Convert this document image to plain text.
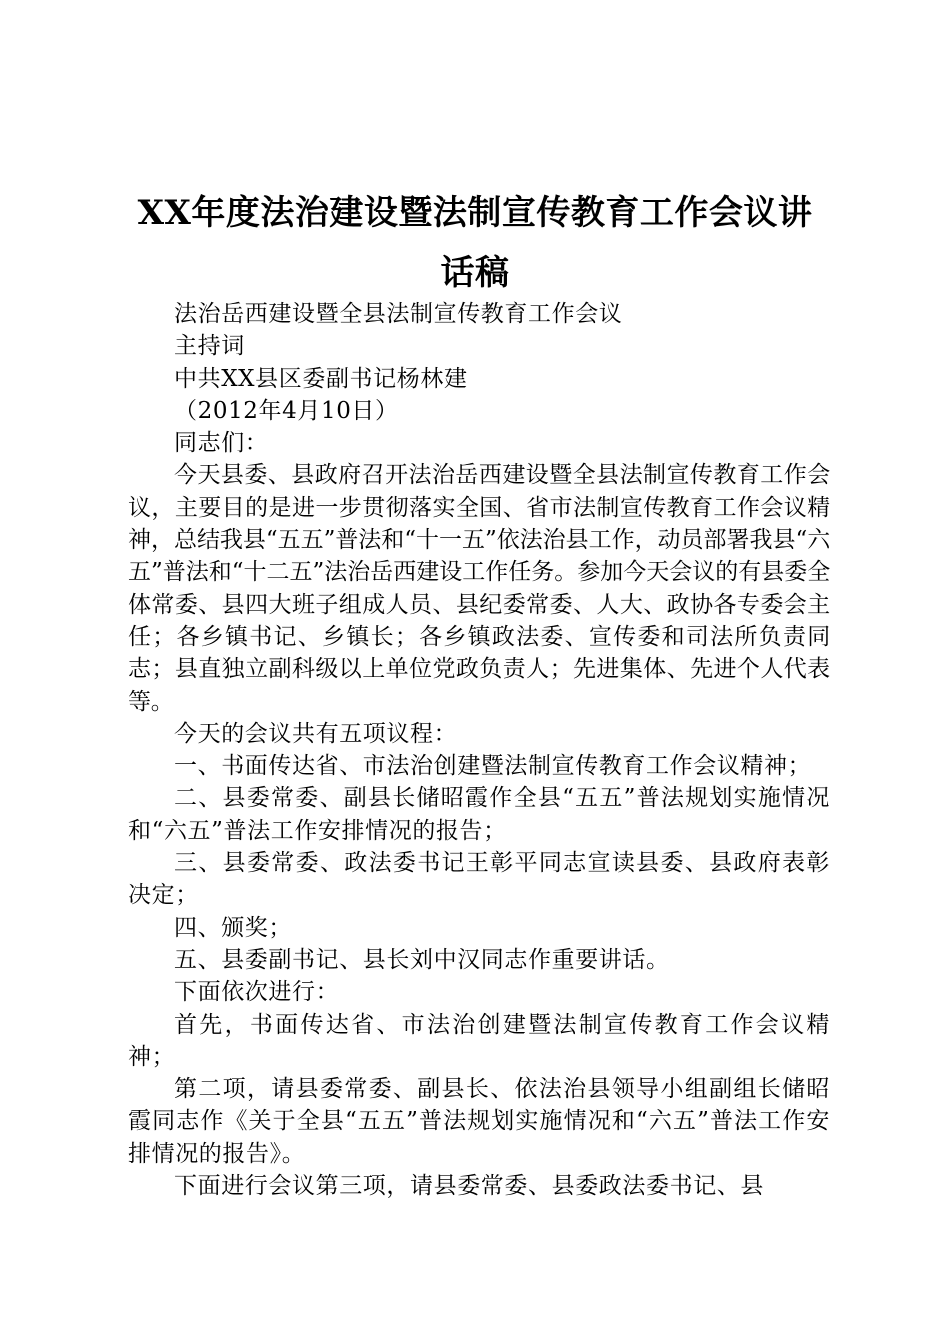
XX年度法治建设暨法制宣传教育工作会议讲
话稿

法治岳西建设暨全县法制宣传教育工作会议

主持词

中共XX县区委副书记杨林建

（2012年4月10日）

同志们：

今天县委、县政府召开法治岳西建设暨全县法制宣传教育工作会议，主要目的是进一步贯彻落实全国、省市法制宣传教育工作会议精神，总结我县“五五”普法和“十一五”依法治县工作，动员部署我县“六五”普法和“十二五”法治岳西建设工作任务。参加今天会议的有县委全体常委、县四大班子组成人员、县纪委常委、人大、政协各专委会主任；各乡镇书记、乡镇长；各乡镇政法委、宣传委和司法所负责同志；县直独立副科级以上单位党政负责人；先进集体、先进个人代表等。

今天的会议共有五项议程：

一、书面传达省、市法治创建暨法制宣传教育工作会议精神；

二、县委常委、副县长储昭霞作全县“五五”普法规划实施情况和“六五”普法工作安排情况的报告；

三、县委常委、政法委书记王彰平同志宣读县委、县政府表彰决定；

四、颁奖；

五、县委副书记、县长刘中汉同志作重要讲话。

下面依次进行：

首先，书面传达省、市法治创建暨法制宣传教育工作会议精神；

第二项，请县委常委、副县长、依法治县领导小组副组长储昭霞同志作《关于全县“五五”普法规划实施情况和“六五”普法工作安排情况的报告》。

下面进行会议第三项，请县委常委、县委政法委书记、县
